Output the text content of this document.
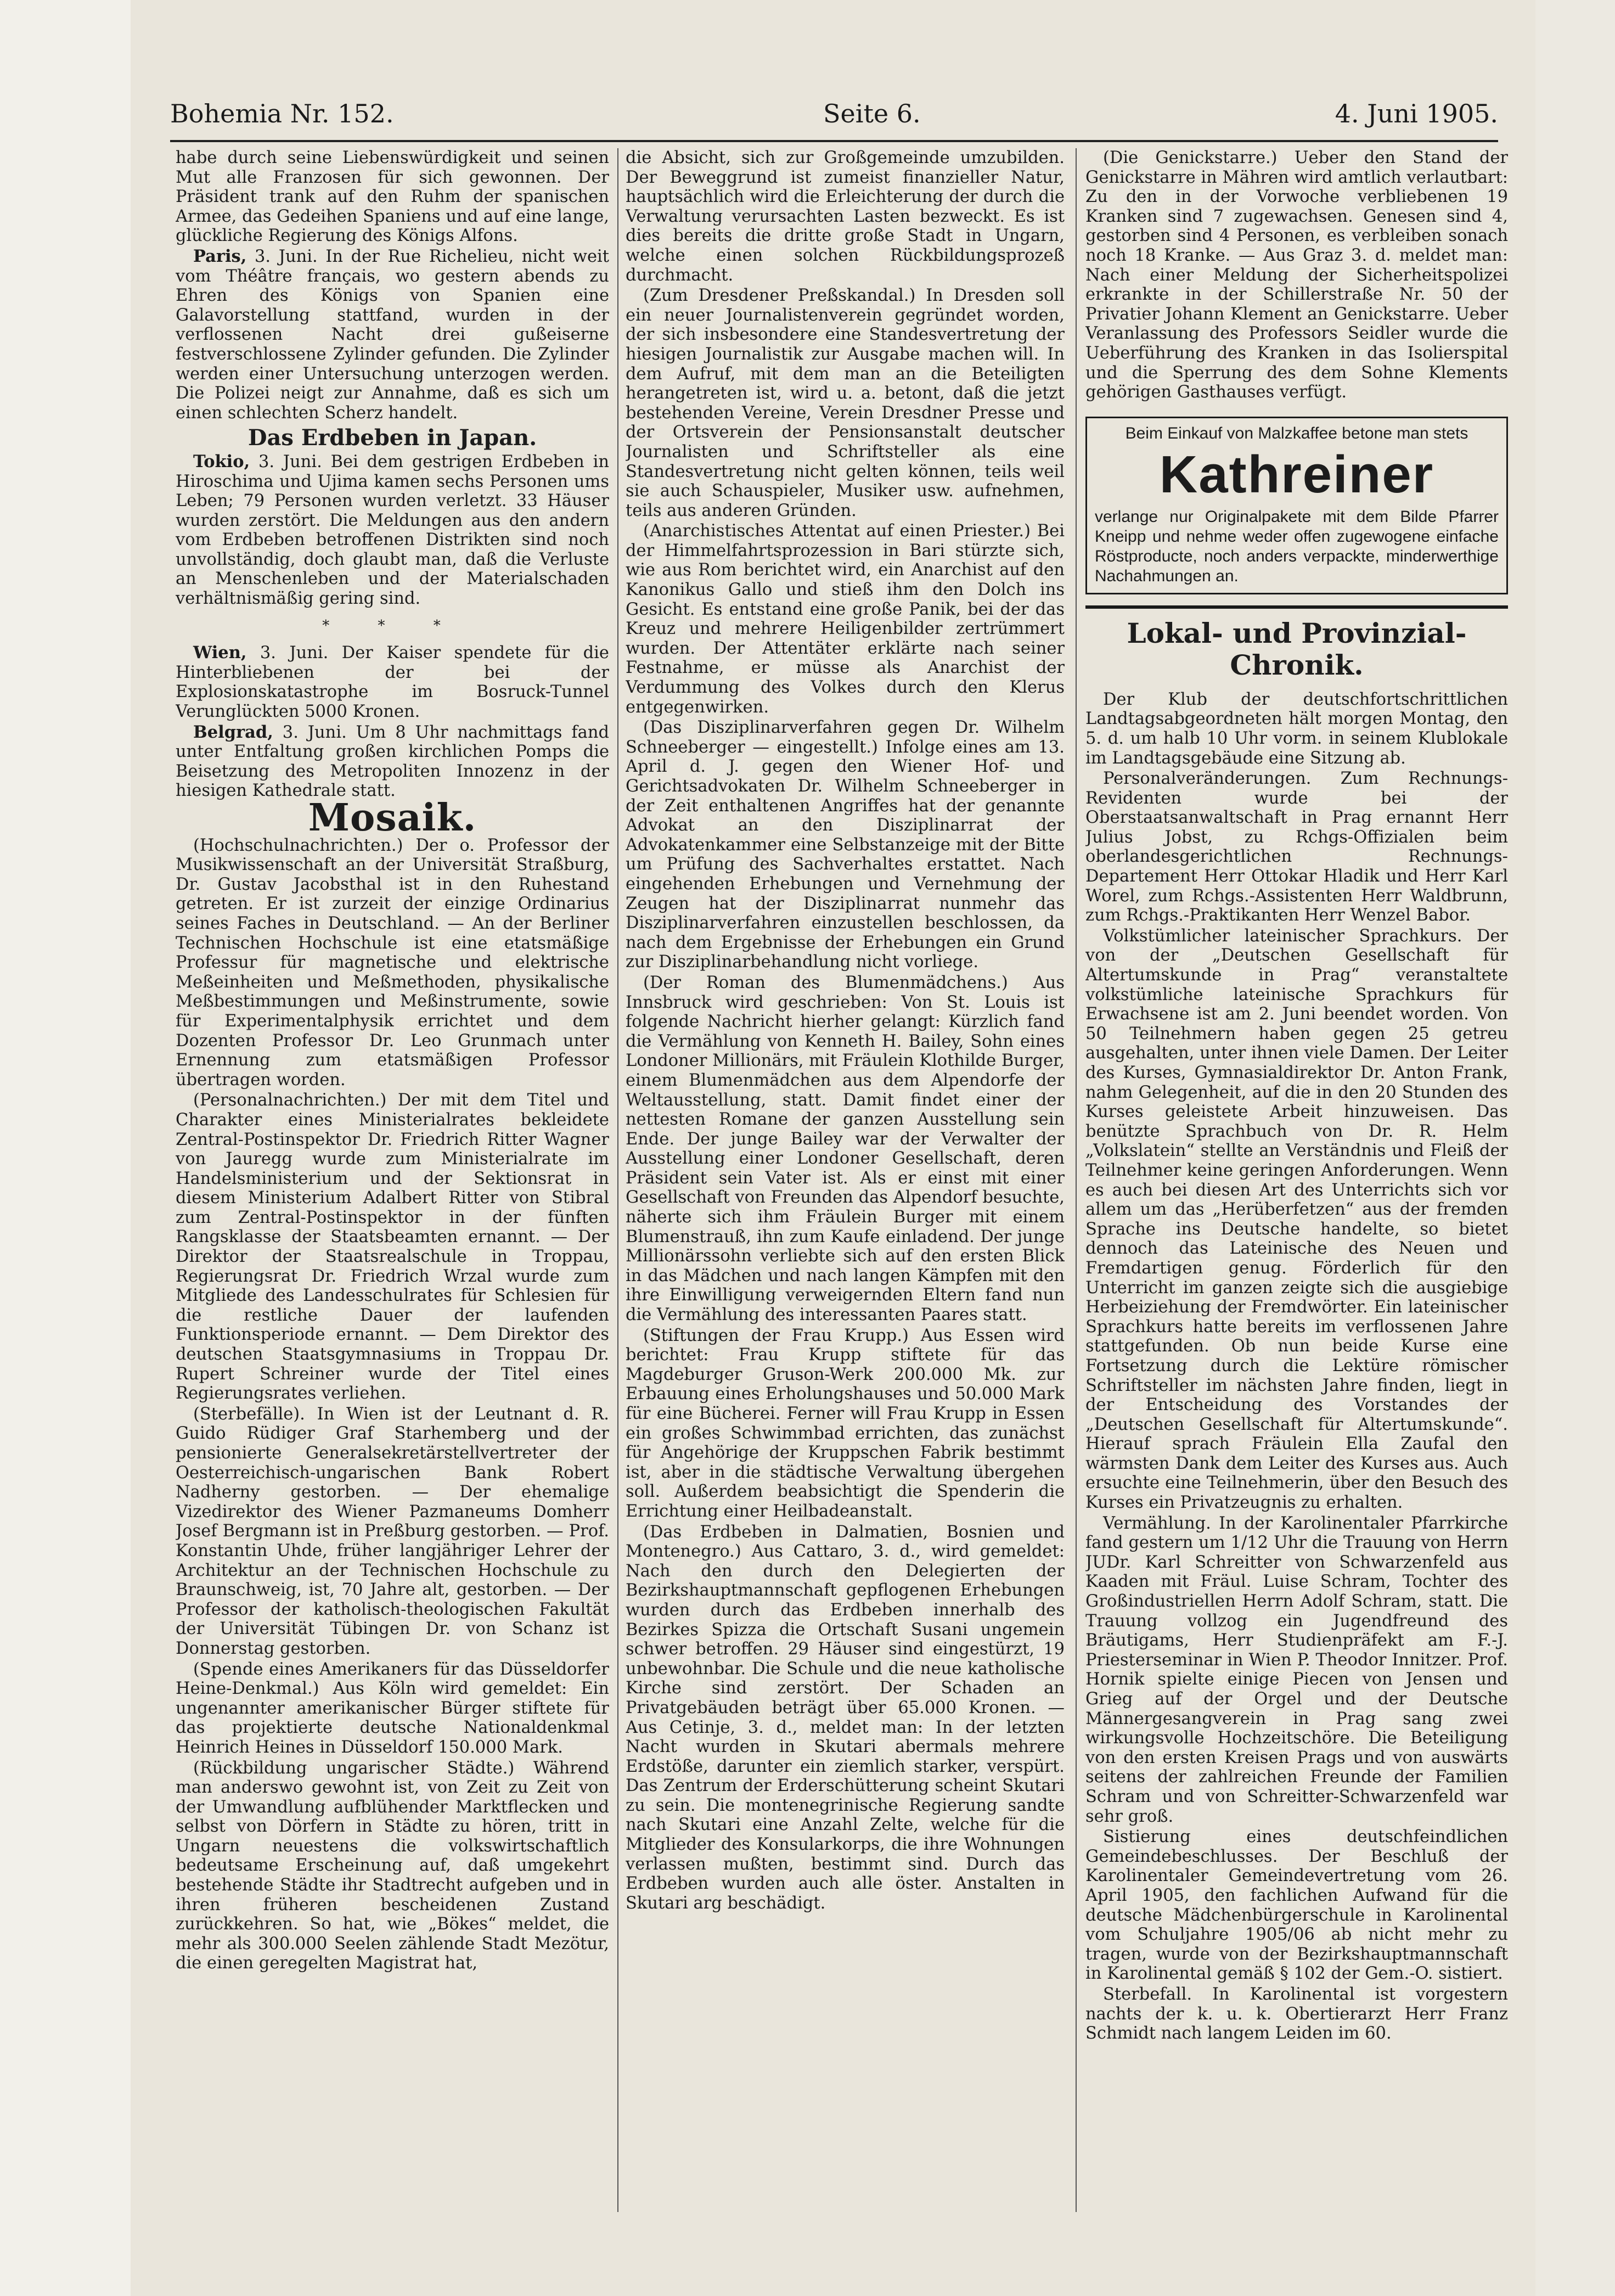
Bohemia Nr. 152.	Seite 6.	4. Juni 1905.

habe durch seine Liebenswürdigkeit und seinen Mut alle Franzosen für sich gewonnen. Der Präsident trank auf den Ruhm der spanischen Armee, das Gedeihen Spaniens und auf eine lange, glückliche Regierung des Königs Alfons.

Paris, 3. Juni. In der Rue Richelieu, nicht weit vom Théâtre français, wo gestern abends zu Ehren des Königs von Spanien eine Galavorstellung stattfand, wurden in der verflossenen Nacht drei gußeiserne festverschlossene Zylinder gefunden. Die Zylinder werden einer Untersuchung unterzogen werden. Die Polizei neigt zur Annahme, daß es sich um einen schlechten Scherz handelt.

Das Erdbeben in Japan.

Tokio, 3. Juni. Bei dem gestrigen Erdbeben in Hiroschima und Ujima kamen sechs Personen ums Leben; 79 Personen wurden verletzt. 33 Häuser wurden zerstört. Die Meldungen aus den andern vom Erdbeben betroffenen Distrikten sind noch unvollständig, doch glaubt man, daß die Verluste an Menschenleben und der Materialschaden verhältnismäßig gering sind.

* * *

Wien, 3. Juni. Der Kaiser spendete für die Hinterbliebenen der bei der Explosionskatastrophe im Bosruck-Tunnel Verunglückten 5000 Kronen.

Belgrad, 3. Juni. Um 8 Uhr nachmittags fand unter Entfaltung großen kirchlichen Pomps die Beisetzung des Metropoliten Innozenz in der hiesigen Kathedrale statt.

Mosaik.

(Hochschulnachrichten.) Der o. Professor der Musikwissenschaft an der Universität Straßburg, Dr. Gustav Jacobsthal ist in den Ruhestand getreten. Er ist zurzeit der einzige Ordinarius seines Faches in Deutschland. — An der Berliner Technischen Hochschule ist eine etatsmäßige Professur für magnetische und elektrische Meßeinheiten und Meßmethoden, physikalische Meßbestimmungen und Meßinstrumente, sowie für Experimentalphysik errichtet und dem Dozenten Professor Dr. Leo Grunmach unter Ernennung zum etatsmäßigen Professor übertragen worden.

(Personalnachrichten.) Der mit dem Titel und Charakter eines Ministerialrates bekleidete Zentral-Postinspektor Dr. Friedrich Ritter Wagner von Jauregg wurde zum Ministerialrate im Handelsministerium und der Sektionsrat in diesem Ministerium Adalbert Ritter von Stibral zum Zentral-Postinspektor in der fünften Rangsklasse der Staatsbeamten ernannt. — Der Direktor der Staatsrealschule in Troppau, Regierungsrat Dr. Friedrich Wrzal wurde zum Mitgliede des Landesschulrates für Schlesien für die restliche Dauer der laufenden Funktionsperiode ernannt. — Dem Direktor des deutschen Staatsgymnasiums in Troppau Dr. Rupert Schreiner wurde der Titel eines Regierungsrates verliehen.

(Sterbefälle). In Wien ist der Leutnant d. R. Guido Rüdiger Graf Starhemberg und der pensionierte Generalsekretärstellvertreter der Oesterreichisch-ungarischen Bank Robert Nadherny gestorben. — Der ehemalige Vizedirektor des Wiener Pazmaneums Domherr Josef Bergmann ist in Preßburg gestorben. — Prof. Konstantin Uhde, früher langjähriger Lehrer der Architektur an der Technischen Hochschule zu Braunschweig, ist, 70 Jahre alt, gestorben. — Der Professor der katholisch-theologischen Fakultät der Universität Tübingen Dr. von Schanz ist Donnerstag gestorben.

(Spende eines Amerikaners für das Düsseldorfer Heine-Denkmal.) Aus Köln wird gemeldet: Ein ungenannter amerikanischer Bürger stiftete für das projektierte deutsche Nationaldenkmal Heinrich Heines in Düsseldorf 150.000 Mark.

(Rückbildung ungarischer Städte.) Während man anderswo gewohnt ist, von Zeit zu Zeit von der Umwandlung aufblühender Marktflecken und selbst von Dörfern in Städte zu hören, tritt in Ungarn neuestens die volkswirtschaftlich bedeutsame Erscheinung auf, daß umgekehrt bestehende Städte ihr Stadtrecht aufgeben und in ihren früheren bescheidenen Zustand zurückkehren. So hat, wie „Bökes“ meldet, die mehr als 300.000 Seelen zählende Stadt Mezötur, die einen geregelten Magistrat hat,

die Absicht, sich zur Großgemeinde umzubilden. Der Beweggrund ist zumeist finanzieller Natur, hauptsächlich wird die Erleichterung der durch die Verwaltung verursachten Lasten bezweckt. Es ist dies bereits die dritte große Stadt in Ungarn, welche einen solchen Rückbildungsprozeß durchmacht.

(Zum Dresdener Preßskandal.) In Dresden soll ein neuer Journalistenverein gegründet worden, der sich insbesondere eine Standesvertretung der hiesigen Journalistik zur Ausgabe machen will. In dem Aufruf, mit dem man an die Beteiligten herangetreten ist, wird u. a. betont, daß die jetzt bestehenden Vereine, Verein Dresdner Presse und der Ortsverein der Pensionsanstalt deutscher Journalisten und Schriftsteller als eine Standesvertretung nicht gelten können, teils weil sie auch Schauspieler, Musiker usw. aufnehmen, teils aus anderen Gründen.

(Anarchistisches Attentat auf einen Priester.) Bei der Himmelfahrtsprozession in Bari stürzte sich, wie aus Rom berichtet wird, ein Anarchist auf den Kanonikus Gallo und stieß ihm den Dolch ins Gesicht. Es entstand eine große Panik, bei der das Kreuz und mehrere Heiligenbilder zertrümmert wurden. Der Attentäter erklärte nach seiner Festnahme, er müsse als Anarchist der Verdummung des Volkes durch den Klerus entgegenwirken.

(Das Disziplinarverfahren gegen Dr. Wilhelm Schneeberger — eingestellt.) Infolge eines am 13. April d. J. gegen den Wiener Hof- und Gerichtsadvokaten Dr. Wilhelm Schneeberger in der Zeit enthaltenen Angriffes hat der genannte Advokat an den Disziplinarrat der Advokatenkammer eine Selbstanzeige mit der Bitte um Prüfung des Sachverhaltes erstattet. Nach eingehenden Erhebungen und Vernehmung der Zeugen hat der Disziplinarrat nunmehr das Disziplinarverfahren einzustellen beschlossen, da nach dem Ergebnisse der Erhebungen ein Grund zur Disziplinarbehandlung nicht vorliege.

(Der Roman des Blumenmädchens.) Aus Innsbruck wird geschrieben: Von St. Louis ist folgende Nachricht hierher gelangt: Kürzlich fand die Vermählung von Kenneth H. Bailey, Sohn eines Londoner Millionärs, mit Fräulein Klothilde Burger, einem Blumenmädchen aus dem Alpendorfe der Weltausstellung, statt. Damit findet einer der nettesten Romane der ganzen Ausstellung sein Ende. Der junge Bailey war der Verwalter der Ausstellung einer Londoner Gesellschaft, deren Präsident sein Vater ist. Als er einst mit einer Gesellschaft von Freunden das Alpendorf besuchte, näherte sich ihm Fräulein Burger mit einem Blumenstrauß, ihn zum Kaufe einladend. Der junge Millionärssohn verliebte sich auf den ersten Blick in das Mädchen und nach langen Kämpfen mit den ihre Einwilligung verweigernden Eltern fand nun die Vermählung des interessanten Paares statt.

(Stiftungen der Frau Krupp.) Aus Essen wird berichtet: Frau Krupp stiftete für das Magdeburger Gruson-Werk 200.000 Mk. zur Erbauung eines Erholungshauses und 50.000 Mark für eine Bücherei. Ferner will Frau Krupp in Essen ein großes Schwimmbad errichten, das zunächst für Angehörige der Kruppschen Fabrik bestimmt ist, aber in die städtische Verwaltung übergehen soll. Außerdem beabsichtigt die Spenderin die Errichtung einer Heilbadeanstalt.

(Das Erdbeben in Dalmatien, Bosnien und Montenegro.) Aus Cattaro, 3. d., wird gemeldet: Nach den durch den Delegierten der Bezirkshauptmannschaft gepflogenen Erhebungen wurden durch das Erdbeben innerhalb des Bezirkes Spizza die Ortschaft Susani ungemein schwer betroffen. 29 Häuser sind eingestürzt, 19 unbewohnbar. Die Schule und die neue katholische Kirche sind zerstört. Der Schaden an Privatgebäuden beträgt über 65.000 Kronen. — Aus Cetinje, 3. d., meldet man: In der letzten Nacht wurden in Skutari abermals mehrere Erdstöße, darunter ein ziemlich starker, verspürt. Das Zentrum der Erderschütterung scheint Skutari zu sein. Die montenegrinische Regierung sandte nach Skutari eine Anzahl Zelte, welche für die Mitglieder des Konsularkorps, die ihre Wohnungen verlassen mußten, bestimmt sind. Durch das Erdbeben wurden auch alle öster. Anstalten in Skutari arg beschädigt.

(Die Genickstarre.) Ueber den Stand der Genickstarre in Mähren wird amtlich verlautbart: Zu den in der Vorwoche verbliebenen 19 Kranken sind 7 zugewachsen. Genesen sind 4, gestorben sind 4 Personen, es verbleiben sonach noch 18 Kranke. — Aus Graz 3. d. meldet man: Nach einer Meldung der Sicherheitspolizei erkrankte in der Schillerstraße Nr. 50 der Privatier Johann Klement an Genickstarre. Ueber Veranlassung des Professors Seidler wurde die Ueberführung des Kranken in das Isolierspital und die Sperrung des dem Sohne Klements gehörigen Gasthauses verfügt.

Beim Einkauf von Malzkaffee betone man stets
Kathreiner
verlange nur Originalpakete mit dem Bilde Pfarrer Kneipp und nehme weder offen zugewogene einfache Röstproducte, noch anders verpackte, minderwerthige Nachahmungen an.
Lokal- und Provinzial-Chronik.

Der Klub der deutschfortschrittlichen Landtagsabgeordneten hält morgen Montag, den 5. d. um halb 10 Uhr vorm. in seinem Klublokale im Landtagsgebäude eine Sitzung ab.

Personalveränderungen. Zum Rechnungs-Revidenten wurde bei der Oberstaatsanwaltschaft in Prag ernannt Herr Julius Jobst, zu Rchgs-Offizialen beim oberlandesgerichtlichen Rechnungs-Departement Herr Ottokar Hladik und Herr Karl Worel, zum Rchgs.-Assistenten Herr Waldbrunn, zum Rchgs.-Praktikanten Herr Wenzel Babor.

Volkstümlicher lateinischer Sprachkurs. Der von der „Deutschen Gesellschaft für Altertumskunde in Prag“ veranstaltete volkstümliche lateinische Sprachkurs für Erwachsene ist am 2. Juni beendet worden. Von 50 Teilnehmern haben gegen 25 getreu ausgehalten, unter ihnen viele Damen. Der Leiter des Kurses, Gymnasialdirektor Dr. Anton Frank, nahm Gelegenheit, auf die in den 20 Stunden des Kurses geleistete Arbeit hinzuweisen. Das benützte Sprachbuch von Dr. R. Helm „Volkslatein“ stellte an Verständnis und Fleiß der Teilnehmer keine geringen Anforderungen. Wenn es auch bei diesen Art des Unterrichts sich vor allem um das „Herüberfetzen“ aus der fremden Sprache ins Deutsche handelte, so bietet dennoch das Lateinische des Neuen und Fremdartigen genug. Förderlich für den Unterricht im ganzen zeigte sich die ausgiebige Herbeiziehung der Fremdwörter. Ein lateinischer Sprachkurs hatte bereits im verflossenen Jahre stattgefunden. Ob nun beide Kurse eine Fortsetzung durch die Lektüre römischer Schriftsteller im nächsten Jahre finden, liegt in der Entscheidung des Vorstandes der „Deutschen Gesellschaft für Altertumskunde“. Hierauf sprach Fräulein Ella Zaufal den wärmsten Dank dem Leiter des Kurses aus. Auch ersuchte eine Teilnehmerin, über den Besuch des Kurses ein Privatzeugnis zu erhalten.

Vermählung. In der Karolinentaler Pfarrkirche fand gestern um 1/12 Uhr die Trauung von Herrn JUDr. Karl Schreitter von Schwarzenfeld aus Kaaden mit Fräul. Luise Schram, Tochter des Großindustriellen Herrn Adolf Schram, statt. Die Trauung vollzog ein Jugendfreund des Bräutigams, Herr Studienpräfekt am F.-J. Priesterseminar in Wien P. Theodor Innitzer. Prof. Hornik spielte einige Piecen von Jensen und Grieg auf der Orgel und der Deutsche Männergesangverein in Prag sang zwei wirkungsvolle Hochzeitschöre. Die Beteiligung von den ersten Kreisen Prags und von auswärts seitens der zahlreichen Freunde der Familien Schram und von Schreitter-Schwarzenfeld war sehr groß.

Sistierung eines deutschfeindlichen Gemeindebeschlusses. Der Beschluß der Karolinentaler Gemeindevertretung vom 26. April 1905, den fachlichen Aufwand für die deutsche Mädchenbürgerschule in Karolinental vom Schuljahre 1905/06 ab nicht mehr zu tragen, wurde von der Bezirkshauptmannschaft in Karolinental gemäß § 102 der Gem.-O. sistiert.

Sterbefall. In Karolinental ist vorgestern nachts der k. u. k. Obertierarzt Herr Franz Schmidt nach langem Leiden im 60.
